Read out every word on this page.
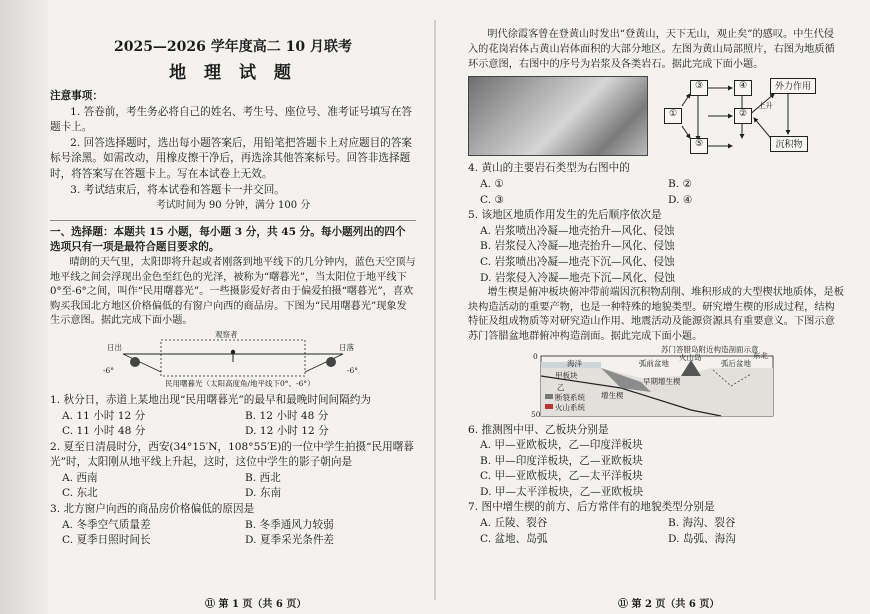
2025—2026 学年度高二 10 月联考
地 理 试 题

注意事项：

1. 答卷前，考生务必将自己的姓名、考生号、座位号、准考证号填写在答题卡上。

2. 回答选择题时，选出每小题答案后，用铅笔把答题卡上对应题目的答案标号涂黑。如需改动，用橡皮擦干净后，再选涂其他答案标号。回答非选择题时，将答案写在答题卡上。写在本试卷上无效。

3. 考试结束后，将本试卷和答题卡一并交回。

考试时间为 90 分钟，满分 100 分

一、选择题：本题共 15 小题，每小题 3 分，共 45 分。每小题列出的四个选项只有一项是最符合题目要求的。

晴朗的天气里，太阳即将升起或者刚落到地平线下的几分钟内，蓝色天空顶与地平线之间会浮现出金色至红色的光泽，被称为“曙暮光”，当太阳位于地平线下 0°至-6°之间，叫作“民用曙暮光”。一些摄影爱好者由于偏爱拍摄“曙暮光”，喜欢购买我国北方地区价格偏低的有窗户向西的商品房。下图为“民用曙暮光”现象发生示意图。据此完成下面小题。

观察者
日出	日落
-6°	-6°
民用曙暮光（太阳高度角/地平线下0°、-6°）

1. 秋分日，赤道上某地出现“民用曙暮光”的最早和最晚时间间隔约为

A. 11 小时 12 分	B. 12 小时 48 分
C. 11 小时 48 分	D. 12 小时 12 分

2. 夏至日清晨时分，西安(34°15′N，108°55′E)的一位中学生拍摄“民用曙暮光”时，太阳刚从地平线上升起，这时，这位中学生的影子朝向是

A. 西南	B. 西北
C. 东北	D. 东南

3. 北方窗户向西的商品房价格偏低的原因是

A. 冬季空气质量差	B. 冬季通风力较弱
C. 夏季日照时间长	D. 夏季采光条件差
⑪ 第 1 页（共 6 页）

明代徐霞客曾在登黄山时发出“登黄山，天下无山，观止矣”的感叹。中生代侵入的花岗岩体占黄山岩体面积的大部分地区。左图为黄山局部照片，右图为地质循环示意图，右图中的序号为岩浆及各类岩石。据此完成下面小题。

①
③
⑤
④
②
外力作用
沉积物
上升

4. 黄山的主要岩石类型为右图中的

A. ①	B. ②
C. ③	D. ④

5. 该地区地质作用发生的先后顺序依次是

A. 岩浆喷出冷凝—地壳抬升—风化、侵蚀

B. 岩浆侵入冷凝—地壳抬升—风化、侵蚀

C. 岩浆喷出冷凝—地壳下沉—风化、侵蚀

D. 岩浆侵入冷凝—地壳下沉—风化、侵蚀

增生楔是俯冲板块俯冲带前端因沉积物刮削、堆积形成的大型楔状地质体，是板块构造活动的重要产物，也是一种特殊的地貌类型。研究增生楔的形成过程，结构特征及组成物质等对研究造山作用、地震活动及能源资源具有重要意义。下图示意苏门答腊盆地群俯冲构造剖面。据此完成下面小题。

苏门答腊岛附近构造剖面示意
海洋	弧前盆地
火山岛
弧后盆地
东北
甲板块
乙
早期增生楔
增生楔
断裂系统
火山系统
0
50

6. 推测图中甲、乙板块分别是

A. 甲—亚欧板块，乙—印度洋板块

B. 甲—印度洋板块，乙—亚欧板块

C. 甲—亚欧板块，乙—太平洋板块

D. 甲—太平洋板块，乙—亚欧板块

7. 图中增生楔的前方、后方常伴有的地貌类型分别是

A. 丘陵、裂谷	B. 海沟、裂谷
C. 盆地、岛弧	D. 岛弧、海沟
⑪ 第 2 页（共 6 页）
